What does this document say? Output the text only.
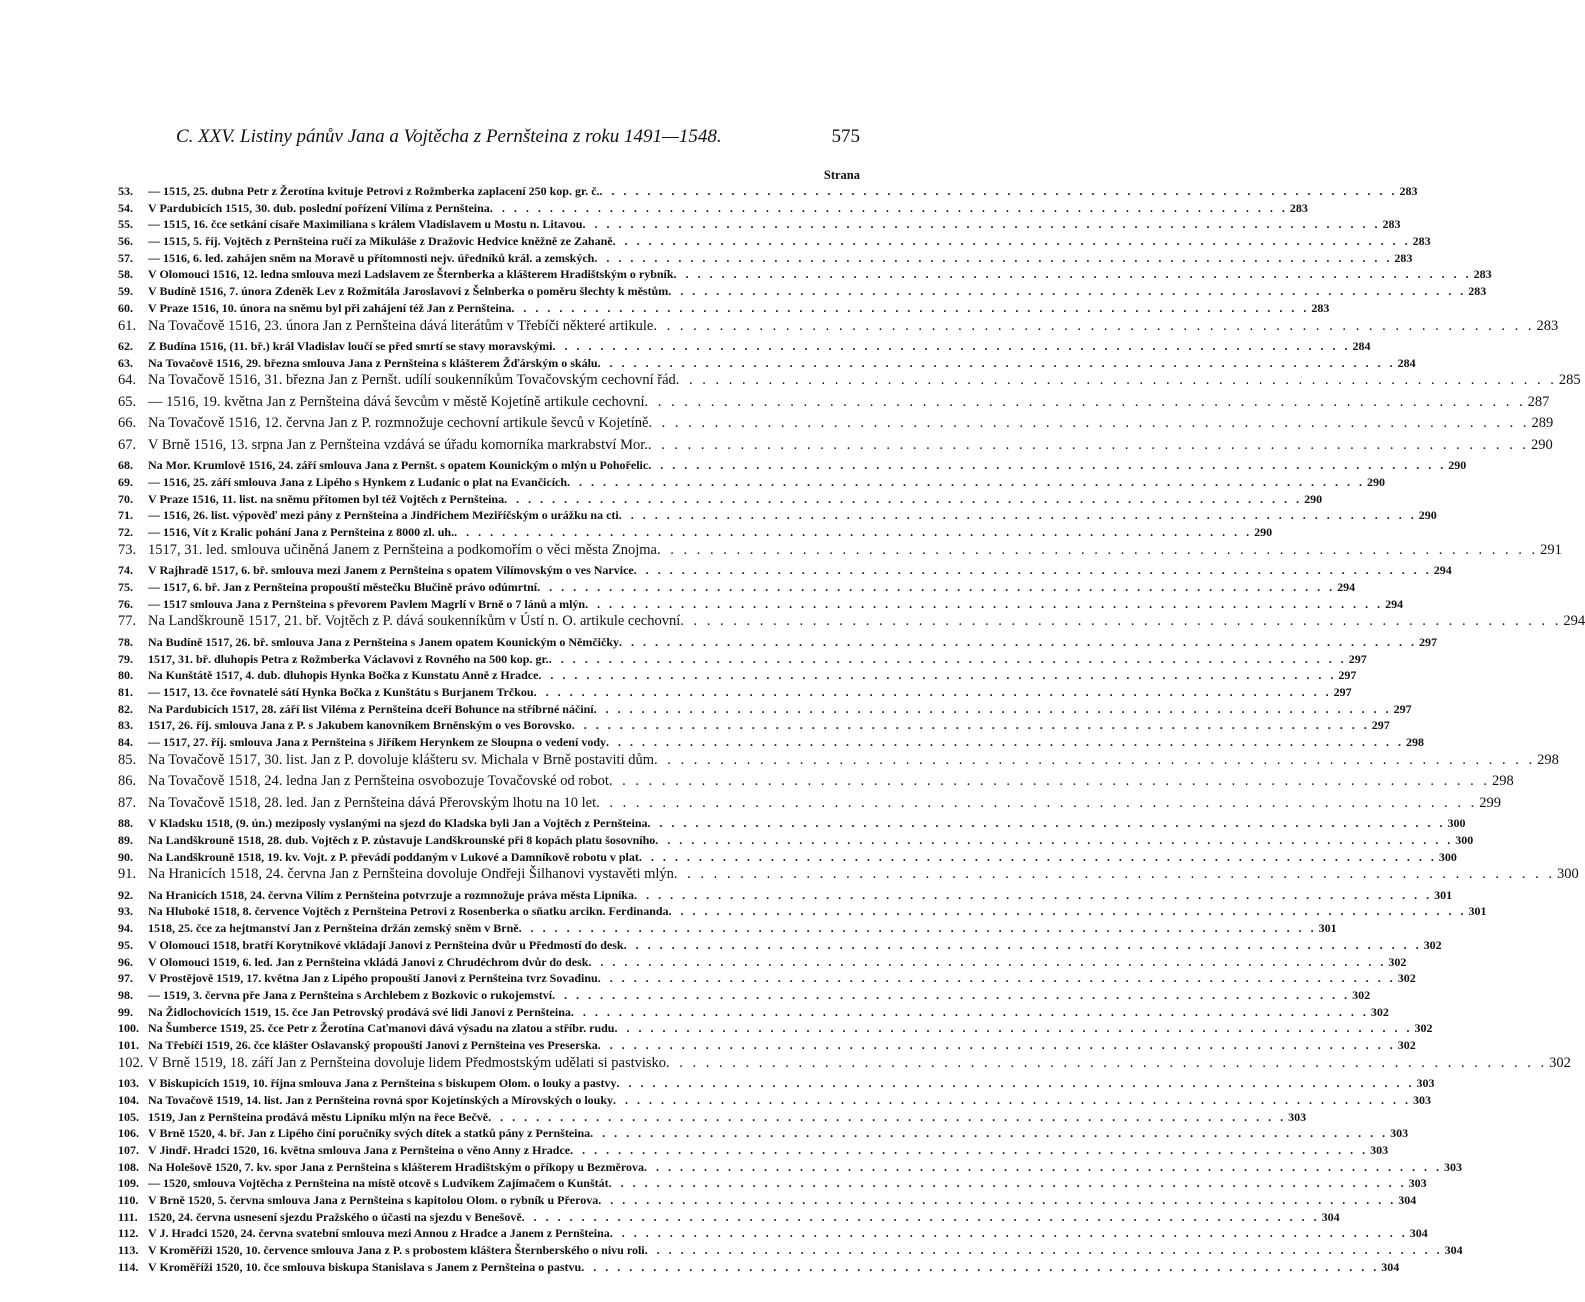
C. XXV. Listiny pánův Jana a Vojtěcha z Pernšteina z roku 1491—1548.	575
Strana
53.	— 1515, 25. dubna Petr z Žerotína kvituje Petrovi z Rožmberka zaplacení 250 kop. gr. č. . . .	283
54.	V Pardubicích 1515, 30. dub. poslední pořízení Vilíma z Pernšteina . . .	283
55.	— 1515, 16. čce setkání císaře Maximiliana s králem Vladislavem u Mostu n. Litavou . . .	283
56.	— 1515, 5. říj. Vojtěch z Pernšteina ručí za Mikuláše z Dražovic Hedvice kněžně ze Zahaně . . .	283
57.	— 1516, 6. led. zahájen sněm na Moravě u přítomnosti nejv. úředníků král. a zemských . . .	283
58.	V Olomouci 1516, 12. ledna smlouva mezi Ladslavem ze Šternberka a klášterem Hradištským o rybník . . .	283
59.	V Budíně 1516, 7. února Zdeněk Lev z Rožmitála Jaroslavovi z Šelnberka o poměru šlechty k městům . . .	283
60.	V Praze 1516, 10. února na sněmu byl při zahájení též Jan z Pernšteina . . .	283
61. Na Tovačově 1516, 23. února Jan z Pernšteina dává literátům v Třebíči některé artikule . . .	283
62.	Z Budína 1516, (11. bř.) král Vladislav loučí se před smrtí se stavy moravskými . . .	284
63.	Na Tovačově 1516, 29. března smlouva Jana z Pernšteina s klášterem Žďárským o skálu . . .	284
64. Na Tovačově 1516, 31. března Jan z Pernšt. udílí soukenníkům Tovačovským cechovní řád . . .	285
65. — 1516, 19. května Jan z Pernšteina dává ševcům v městě Kojetíně artikule cechovní . . .	287
66. Na Tovačově 1516, 12. června Jan z P. rozmnožuje cechovní artikule ševců v Kojetíně . . .	289
67. V Brně 1516, 13. srpna Jan z Pernšteina vzdává se úřadu komorníka markrabství Mor. . . .	290
68.	Na Mor. Krumlově 1516, 24. září smlouva Jana z Pernšt. s opatem Kounickým o mlýn u Pohořelic . . .	290
69.	— 1516, 25. září smlouva Jana z Lipého s Hynkem z Ludanic o plat na Evančicích . . .	290
70.	V Praze 1516, 11. list. na sněmu přítomen byl též Vojtěch z Pernšteina . . .	290
71.	— 1516, 26. list. výpověď mezi pány z Pernšteina a Jindřichem Meziříčským o urážku na cti . . .	290
72.	— 1516, Vít z Kralic pohání Jana z Pernšteina z 8000 zl. uh. . . .	290
73. 1517, 31. led. smlouva učiněná Janem z Pernšteina a podkomořím o věci města Znojma . . .	291
74.	V Rajhradě 1517, 6. bř. smlouva mezi Janem z Pernšteina s opatem Vilímovským o ves Narvice . . .	294
75.	— 1517, 6. bř. Jan z Pernšteina propouští městečku Blučině právo odúmrtní . . .	294
76.	— 1517 smlouva Jana z Pernšteina s převorem Pavlem Magrlí v Brně o 7 lánů a mlýn . . .	294
77. Na Landškrouně 1517, 21. bř. Vojtěch z P. dává soukenníkům v Ústí n. O. artikule cechovní . . .	294
78.	Na Budíně 1517, 26. bř. smlouva Jana z Pernšteina s Janem opatem Kounickým o Němčičky . . .	297
79.	1517, 31. bř. dluhopis Petra z Rožmberka Václavovi z Rovného na 500 kop. gr. . . .	297
80.	Na Kunštátě 1517, 4. dub. dluhopis Hynka Bočka z Kunstatu Anně z Hradce . . .	297
81.	— 1517, 13. čce řovnatelé sátí Hynka Bočka z Kunštátu s Burjanem Trčkou . . .	297
82.	Na Pardubicích 1517, 28. září list Viléma z Pernšteina dceři Bohunce na stříbrné náčiní . . .	297
83.	1517, 26. říj. smlouva Jana z P. s Jakubem kanovníkem Brněnským o ves Borovsko . . .	297
84.	— 1517, 27. říj. smlouva Jana z Pernšteina s Jiříkem Herynkem ze Sloupna o vedení vody . . .	298
85. Na Tovačově 1517, 30. list. Jan z P. dovoluje klášteru sv. Michala v Brně postaviti dům . . .	298
86. Na Tovačově 1518, 24. ledna Jan z Pernšteina osvobozuje Tovačovské od robot . . .	298
87. Na Tovačově 1518, 28. led. Jan z Pernšteina dává Přerovským lhotu na 10 let . . .	299
88.	V Kladsku 1518, (9. ún.) meziposly vyslanými na sjezd do Kladska byli Jan a Vojtěch z Pernšteina . . .	300
89.	Na Landškrouně 1518, 28. dub. Vojtěch z P. zůstavuje Landškrounské při 8 kopách platu šosovního . . .	300
90.	Na Landškrouně 1518, 19. kv. Vojt. z P. převádí poddaným v Lukové a Damníkově robotu v plat . . .	300
91. Na Hranicích 1518, 24. června Jan z Pernšteina dovoluje Ondřeji Šilhanovi vystavěti mlýn . . .	300
92.	Na Hranicích 1518, 24. června Vilím z Pernšteina potvrzuje a rozmnožuje práva města Lipníka . . .	301
93.	Na Hluboké 1518, 8. července Vojtěch z Pernšteina Petrovi z Rosenberka o sňatku arcikn. Ferdinanda . . .	301
94.	1518, 25. čce za hejtmanství Jan z Pernšteina držán zemský sněm v Brně . . .	301
95.	V Olomouci 1518, bratří Korytnikové vkládají Janovi z Pernšteina dvůr u Předmostí do desk . . .	302
96.	V Olomouci 1519, 6. led. Jan z Pernšteina vkládá Janovi z Chrudéchrom dvůr do desk . . .	302
97.	V Prostějově 1519, 17. května Jan z Lipého propouští Janovi z Pernšteina tvrz Sovadinu . . .	302
98.	— 1519, 3. června pře Jana z Pernšteina s Archlebem z Bozkovic o rukojemství . . .	302
99.	Na Židlochovicích 1519, 15. čce Jan Petrovský prodává své lidi Janovi z Pernšteina . . .	302
100. Na Šumberce 1519, 25. čce Petr z Žerotína Caťmanovi dává výsadu na zlatou a stříbr. rudu . . .	302
101. Na Třebíči 1519, 26. čce klášter Oslavanský propouští Janovi z Pernšteina ves Preserska . . .	302
102. V Brně 1519, 18. září Jan z Pernšteina dovoluje lidem Předmostským udělati si pastvisko . . .	302
103. V Biskupicích 1519, 10. října smlouva Jana z Pernšteina s biskupem Olom. o louky a pastvy . . .	303
104. Na Tovačově 1519, 14. list. Jan z Pernšteina rovná spor Kojetínských a Mírovských o louky . . .	303
105. 1519, Jan z Pernšteina prodává městu Lipníku mlýn na řece Bečvě . . .	303
106. V Brně 1520, 4. bř. Jan z Lipého činí poručníky svých dítek a statků pány z Pernšteina . . .	303
107. V Jindř. Hradci 1520, 16. května smlouva Jana z Pernšteina o věno Anny z Hradce . . .	303
108. Na Holešově 1520, 7. kv. spor Jana z Pernšteina s klášterem Hradištským o příkopy u Bezměrova . . .	303
109. — 1520, smlouva Vojtěcha z Pernšteina na místě otcově s Ludvíkem Zajímačem o Kunštát . . .	303
110. V Brně 1520, 5. června smlouva Jana z Pernšteina s kapitolou Olom. o rybník u Přerova . . .	304
111. 1520, 24. června usnesení sjezdu Pražského o účasti na sjezdu v Benešově . . .	304
112. V J. Hradci 1520, 24. června svatební smlouva mezi Annou z Hradce a Janem z Pernšteina . . .	304
113. V Kroměříži 1520, 10. července smlouva Jana z P. s probostem kláštera Šternberského o nivu roli . . .	304
114. V Kroměříži 1520, 10. čce smlouva biskupa Stanislava s Janem z Pernšteina o pastvu . . .	304
